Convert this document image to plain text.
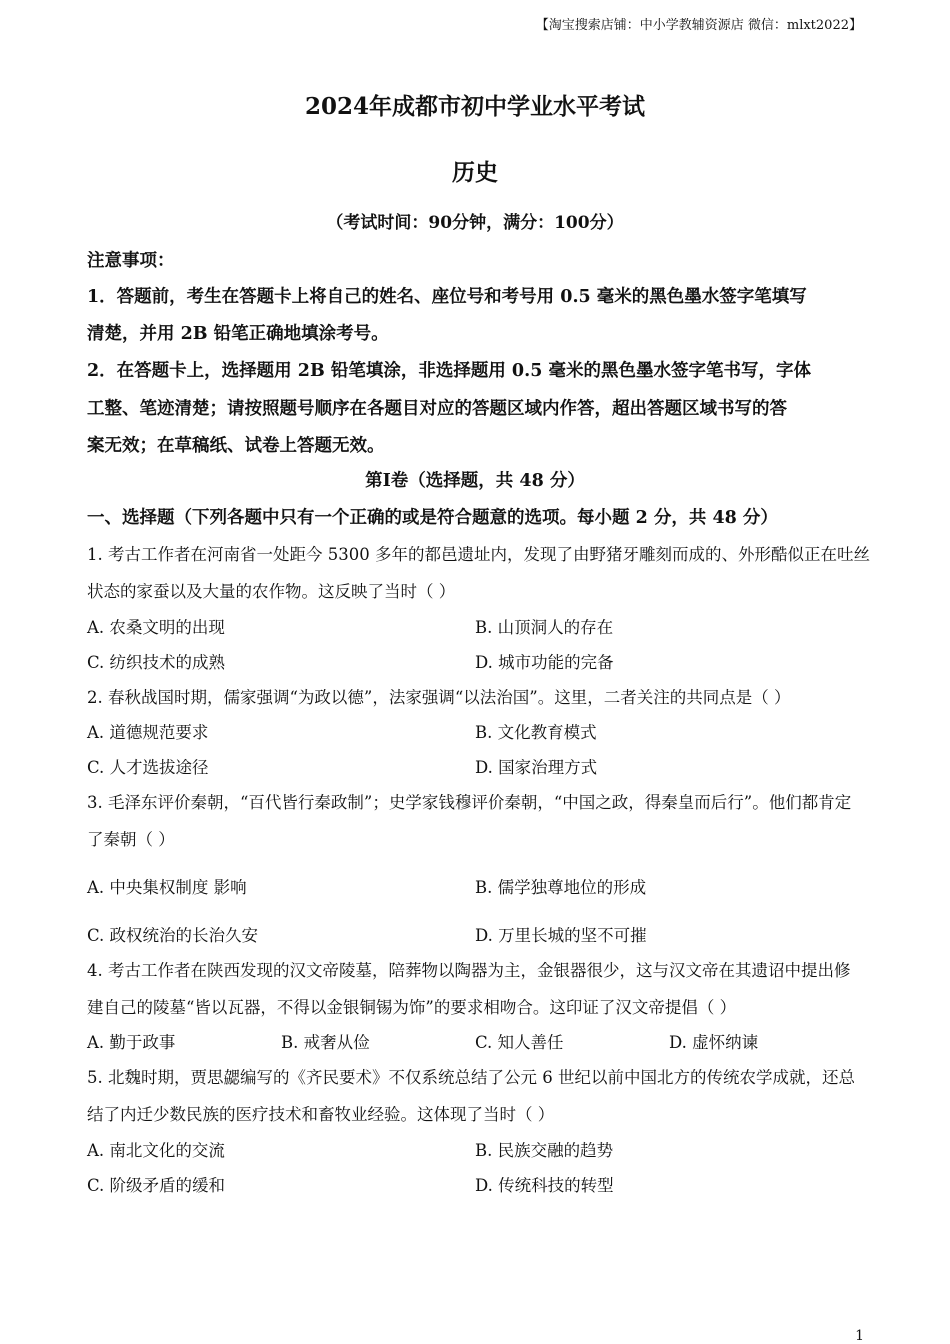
【淘宝搜索店铺：中小学教辅资源店 微信：mlxt2022】
2024年成都市初中学业水平考试
历史
（考试时间：90分钟，满分：100分）
注意事项：
1．答题前，考生在答题卡上将自己的姓名、座位号和考号用 0.5 毫米的黑色墨水签字笔填写
清楚，并用 2B 铅笔正确地填涂考号。
2．在答题卡上，选择题用 2B 铅笔填涂，非选择题用 0.5 毫米的黑色墨水签字笔书写，字体
工整、笔迹清楚；请按照题号顺序在各题目对应的答题区域内作答，超出答题区域书写的答
案无效；在草稿纸、试卷上答题无效。
第Ⅰ卷（选择题，共 48 分）
一、选择题（下列各题中只有一个正确的或是符合题意的选项。每小题 2 分，共 48 分）
1. 考古工作者在河南省一处距今 5300 多年的都邑遗址内，发现了由野猪牙雕刻而成的、外形酷似正在吐丝
状态的家蚕以及大量的农作物。这反映了当时（ ）
A. 农桑文明的出现	B. 山顶洞人的存在
C. 纺织技术的成熟	D. 城市功能的完备
2. 春秋战国时期，儒家强调“为政以德”，法家强调“以法治国”。这里，二者关注的共同点是（ ）
A. 道德规范要求	B. 文化教育模式
C. 人才选拔途径	D. 国家治理方式
3. 毛泽东评价秦朝，“百代皆行秦政制”；史学家钱穆评价秦朝，“中国之政，得秦皇而后行”。他们都肯定
了秦朝（ ）
A. 中央集权制度 影响	B. 儒学独尊地位的形成
C. 政权统治的长治久安	D. 万里长城的坚不可摧
4. 考古工作者在陕西发现的汉文帝陵墓，陪葬物以陶器为主，金银器很少，这与汉文帝在其遗诏中提出修
建自己的陵墓“皆以瓦器，不得以金银铜锡为饰”的要求相吻合。这印证了汉文帝提倡（ ）
A. 勤于政事	B. 戒奢从俭	C. 知人善任	D. 虚怀纳谏
5. 北魏时期，贾思勰编写的《齐民要术》不仅系统总结了公元 6 世纪以前中国北方的传统农学成就，还总
结了内迁少数民族的医疗技术和畜牧业经验。这体现了当时（ ）
A. 南北文化的交流	B. 民族交融的趋势
C. 阶级矛盾的缓和	D. 传统科技的转型
1
